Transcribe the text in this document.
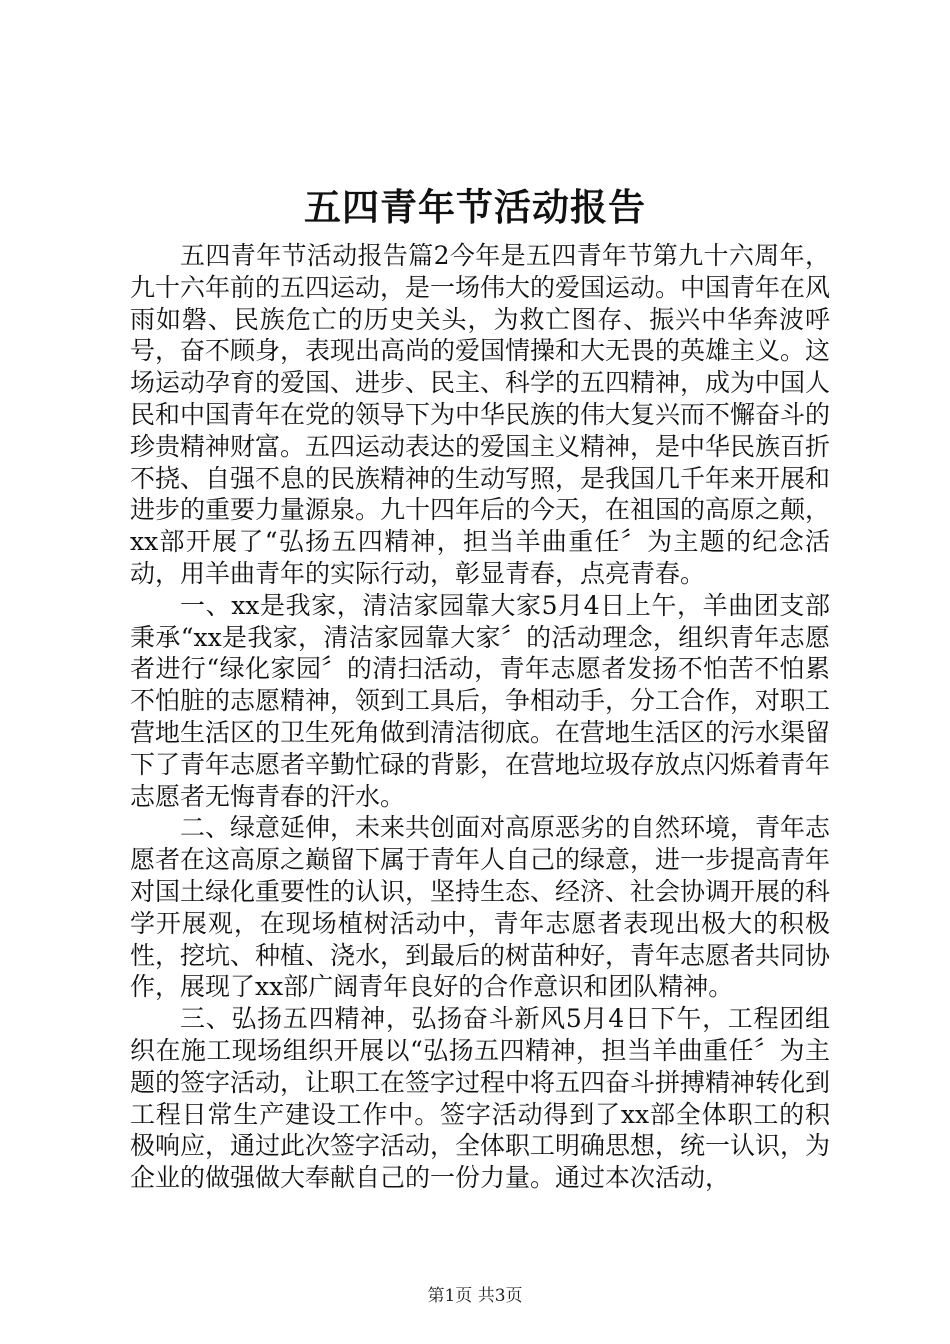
五四青年节活动报告

五四青年节活动报告篇2今年是五四青年节第九十六周年，九十六年前的五四运动，是一场伟大的爱国运动。中国青年在风雨如磐、民族危亡的历史关头，为救亡图存、振兴中华奔波呼号，奋不顾身，表现出高尚的爱国情操和大无畏的英雄主义。这场运动孕育的爱国、进步、民主、科学的五四精神，成为中国人民和中国青年在党的领导下为中华民族的伟大复兴而不懈奋斗的珍贵精神财富。五四运动表达的爱国主义精神，是中华民族百折不挠、自强不息的民族精神的生动写照，是我国几千年来开展和进步的重要力量源泉。九十四年后的今天，在祖国的高原之颠，xx部开展了“弘扬五四精神，担当羊曲重任〞为主题的纪念活动，用羊曲青年的实际行动，彰显青春，点亮青春。

一、xx是我家，清洁家园靠大家5月4日上午，羊曲团支部秉承“xx是我家，清洁家园靠大家〞的活动理念，组织青年志愿者进行“绿化家园〞的清扫活动，青年志愿者发扬不怕苦不怕累不怕脏的志愿精神，领到工具后，争相动手，分工合作，对职工营地生活区的卫生死角做到清洁彻底。在营地生活区的污水渠留下了青年志愿者辛勤忙碌的背影，在营地垃圾存放点闪烁着青年志愿者无悔青春的汗水。

二、绿意延伸，未来共创面对高原恶劣的自然环境，青年志愿者在这高原之巅留下属于青年人自己的绿意，进一步提高青年对国土绿化重要性的认识，坚持生态、经济、社会协调开展的科学开展观，在现场植树活动中，青年志愿者表现出极大的积极性，挖坑、种植、浇水，到最后的树苗种好，青年志愿者共同协作，展现了xx部广阔青年良好的合作意识和团队精神。

三、弘扬五四精神，弘扬奋斗新风5月4日下午，工程团组织在施工现场组织开展以“弘扬五四精神，担当羊曲重任〞为主题的签字活动，让职工在签字过程中将五四奋斗拼搏精神转化到工程日常生产建设工作中。签字活动得到了xx部全体职工的积极响应，通过此次签字活动，全体职工明确思想，统一认识，为企业的做强做大奉献自己的一份力量。通过本次活动，

第1页 共3页
